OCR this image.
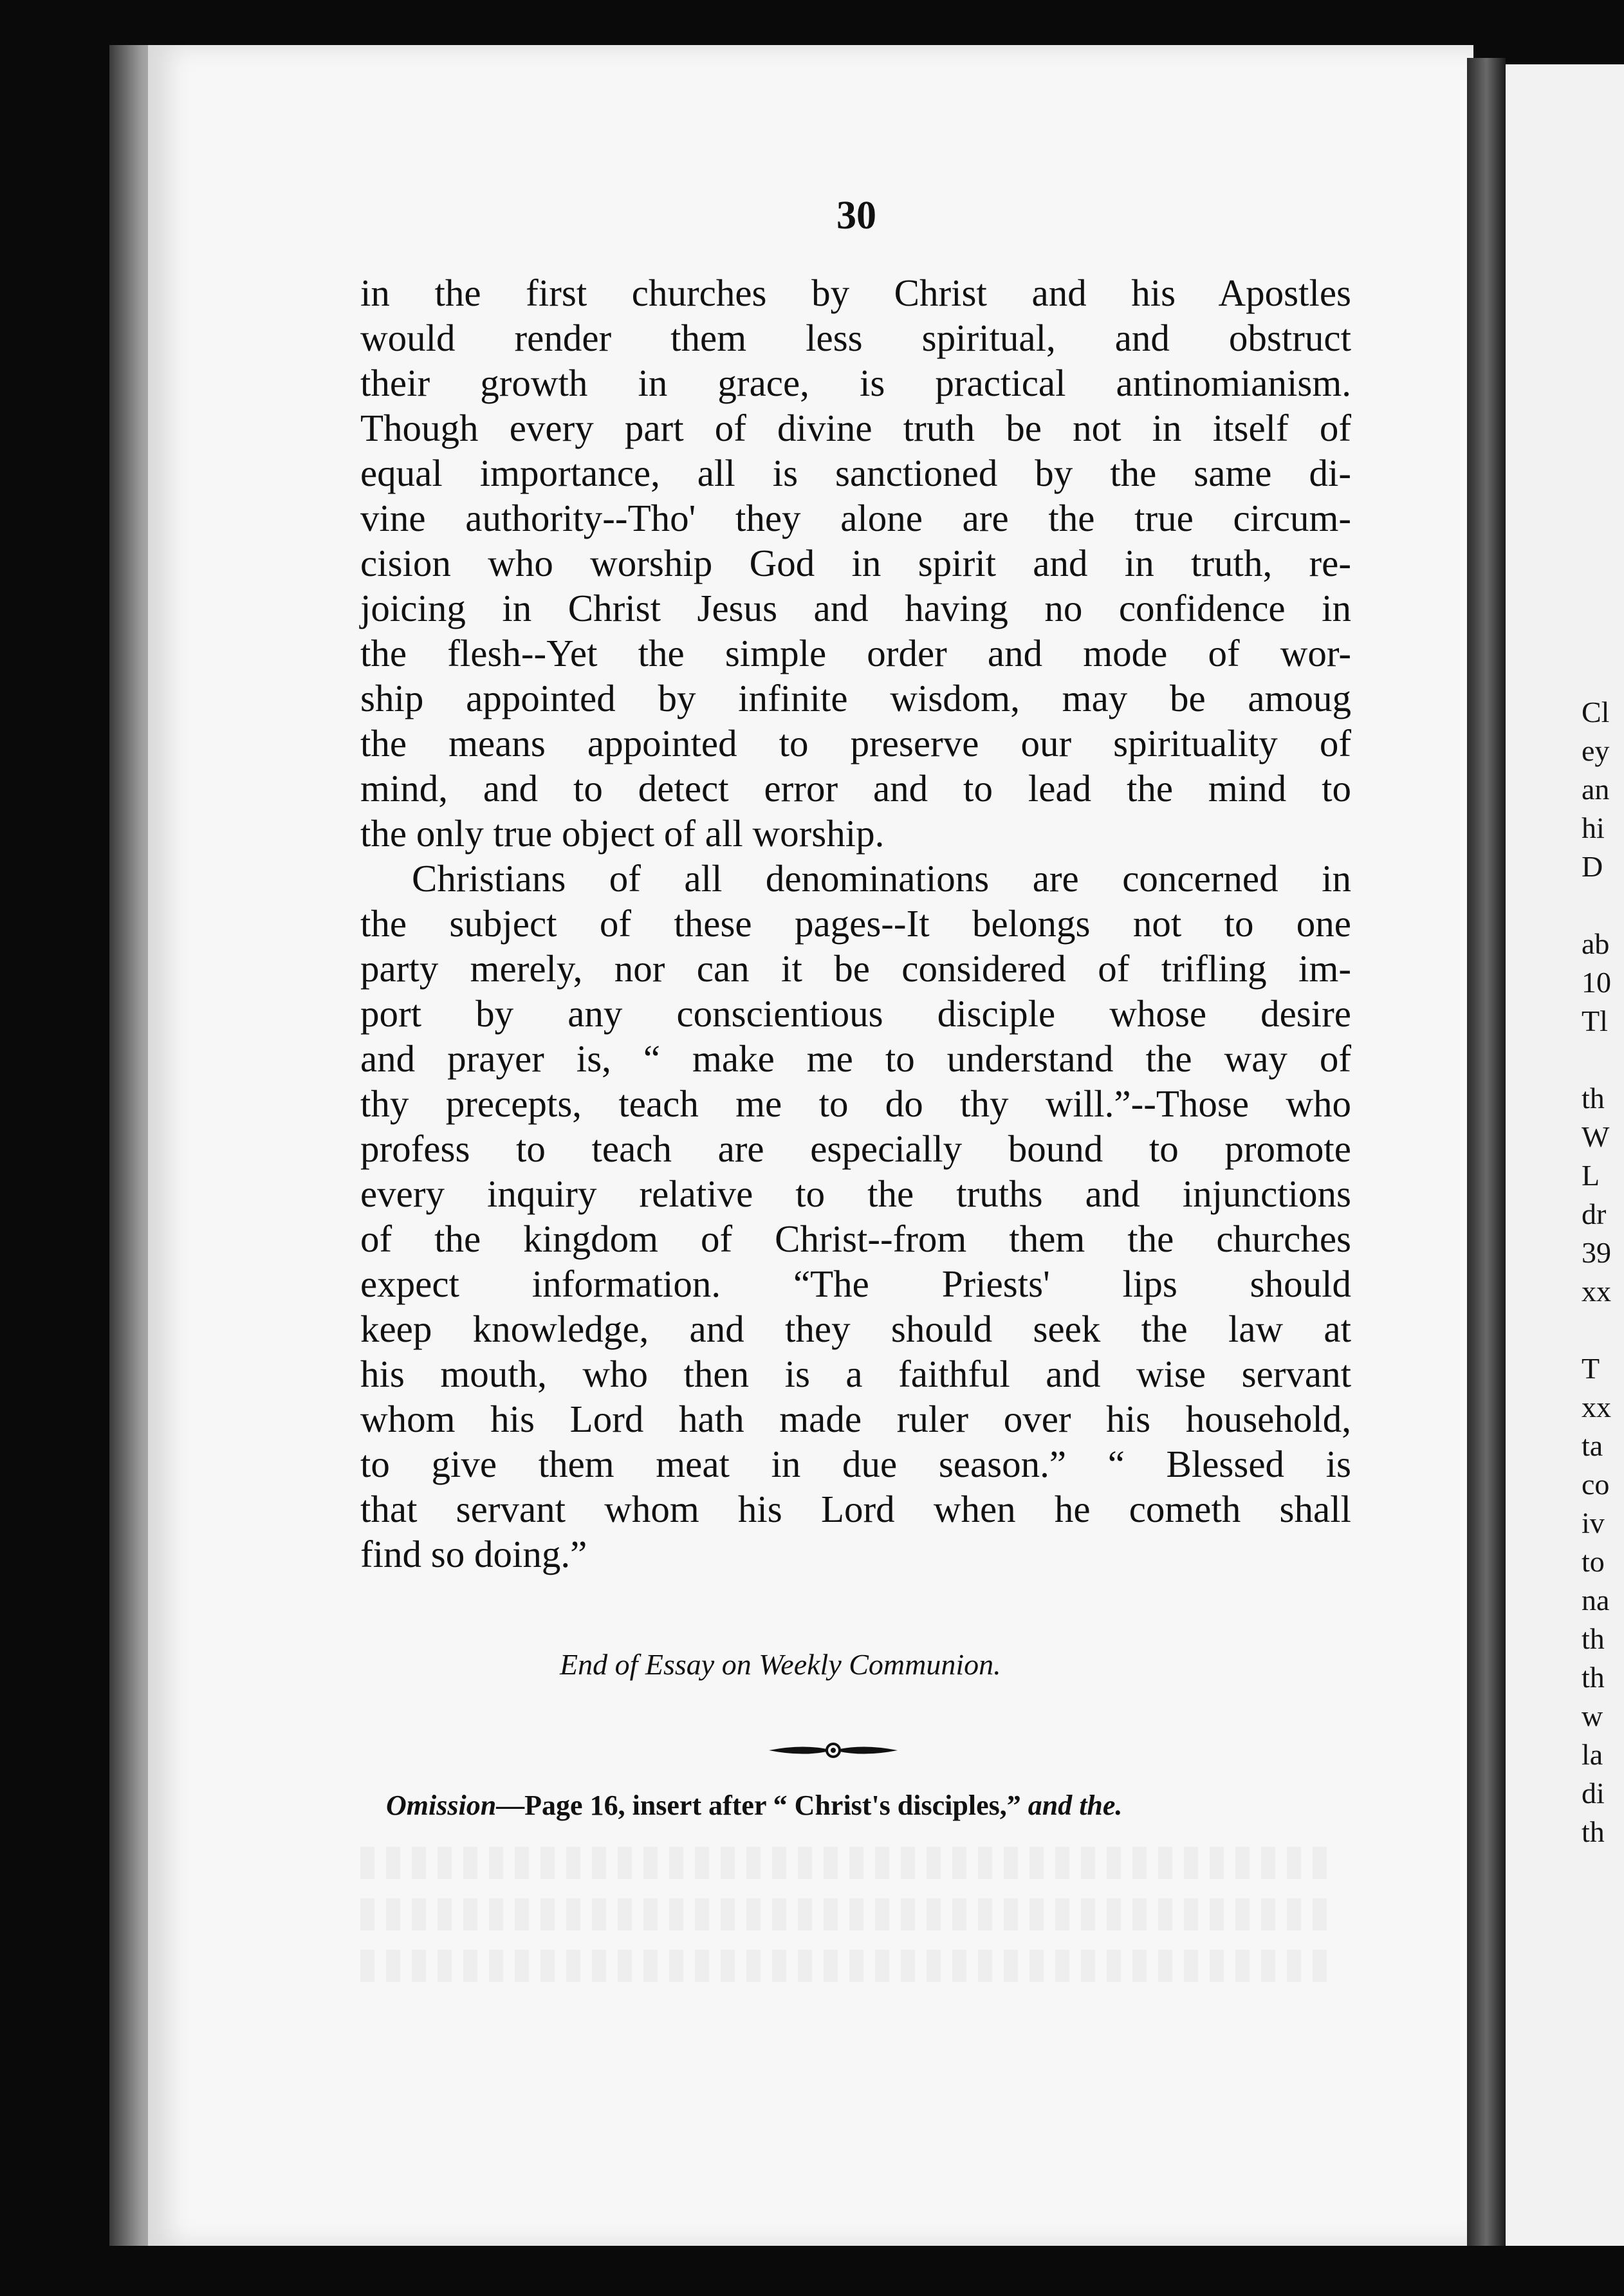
Cl
ey
an
hi
D
ab
10
Tl
th
W
L
dr
39
xx
T
xx
ta
co
iv
to
na
th
th
w
la
di
th
30
in the first churches by Christ and his Apostles
would render them less spiritual, and obstruct
their growth in grace, is practical antinomianism.
Though every part of divine truth be not in itself of
equal importance, all is sanctioned by the same di-
vine authority--Tho' they alone are the true circum-
cision who worship God in spirit and in truth, re-
joicing in Christ Jesus and having no confidence in
the flesh--Yet the simple order and mode of wor-
ship appointed by infinite wisdom, may be amoug
the means appointed to preserve our spirituality of
mind, and to detect error and to lead the mind to
the only true object of all worship.
Christians of all denominations are concerned in
the subject of these pages--It belongs not to one
party merely, nor can it be considered of trifling im-
port by any conscientious disciple whose desire
and prayer is, “ make me to understand the way of
thy precepts, teach me to do thy will.”--Those who
profess to teach are especially bound to promote
every inquiry relative to the truths and injunctions
of the kingdom of Christ--from them the churches
expect information. “The Priests' lips should
keep knowledge, and they should seek the law at
his mouth, who then is a faithful and wise servant
whom his Lord hath made ruler over his household,
to give them meat in due season.” “ Blessed is
that servant whom his Lord when he cometh shall
find so doing.”
End of Essay on Weekly Communion.
Omission—Page 16, insert after “ Christ's disciples,” and the.
